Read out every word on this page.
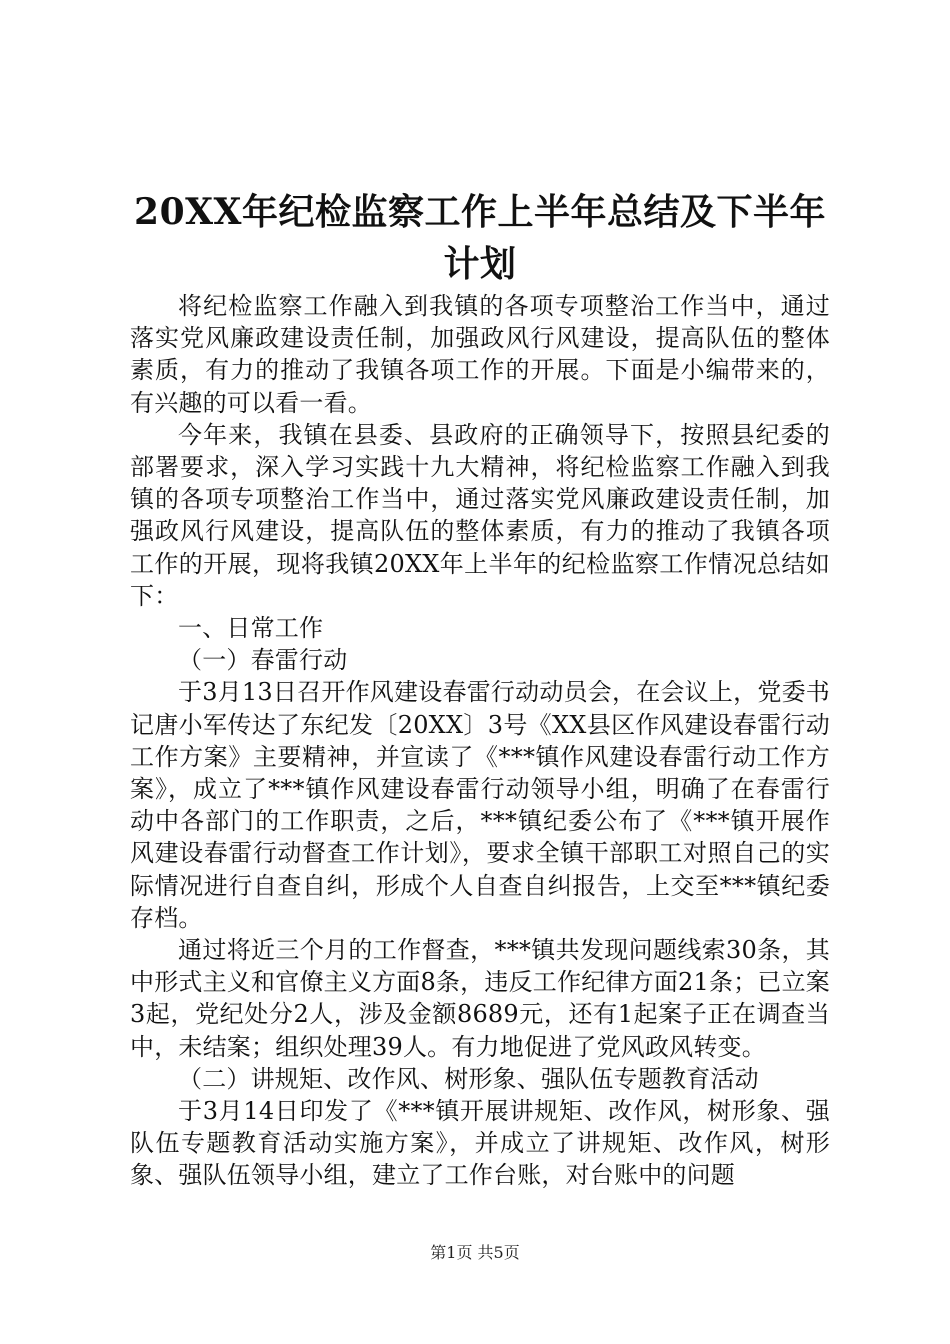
20XX年纪检监察工作上半年总结及下半年计划

将纪检监察工作融入到我镇的各项专项整治工作当中，通过落实党风廉政建设责任制，加强政风行风建设，提高队伍的整体素质，有力的推动了我镇各项工作的开展。下面是小编带来的，有兴趣的可以看一看。

今年来，我镇在县委、县政府的正确领导下，按照县纪委的部署要求，深入学习实践十九大精神，将纪检监察工作融入到我镇的各项专项整治工作当中，通过落实党风廉政建设责任制，加强政风行风建设，提高队伍的整体素质，有力的推动了我镇各项工作的开展，现将我镇20XX年上半年的纪检监察工作情况总结如下：

一、日常工作

（一）春雷行动

于3月13日召开作风建设春雷行动动员会，在会议上，党委书记唐小军传达了东纪发〔20XX〕3号《XX县区作风建设春雷行动工作方案》主要精神，并宣读了《***镇作风建设春雷行动工作方案》，成立了***镇作风建设春雷行动领导小组，明确了在春雷行动中各部门的工作职责，之后，***镇纪委公布了《***镇开展作风建设春雷行动督查工作计划》，要求全镇干部职工对照自己的实际情况进行自查自纠，形成个人自查自纠报告，上交至***镇纪委存档。

通过将近三个月的工作督查，***镇共发现问题线索30条，其中形式主义和官僚主义方面8条，违反工作纪律方面21条；已立案3起，党纪处分2人，涉及金额8689元，还有1起案子正在调查当中，未结案；组织处理39人。有力地促进了党风政风转变。

（二）讲规矩、改作风、树形象、强队伍专题教育活动

于3月14日印发了《***镇开展讲规矩、改作风，树形象、强队伍专题教育活动实施方案》，并成立了讲规矩、改作风，树形象、强队伍领导小组，建立了工作台账，对台账中的问题

第1页 共5页
